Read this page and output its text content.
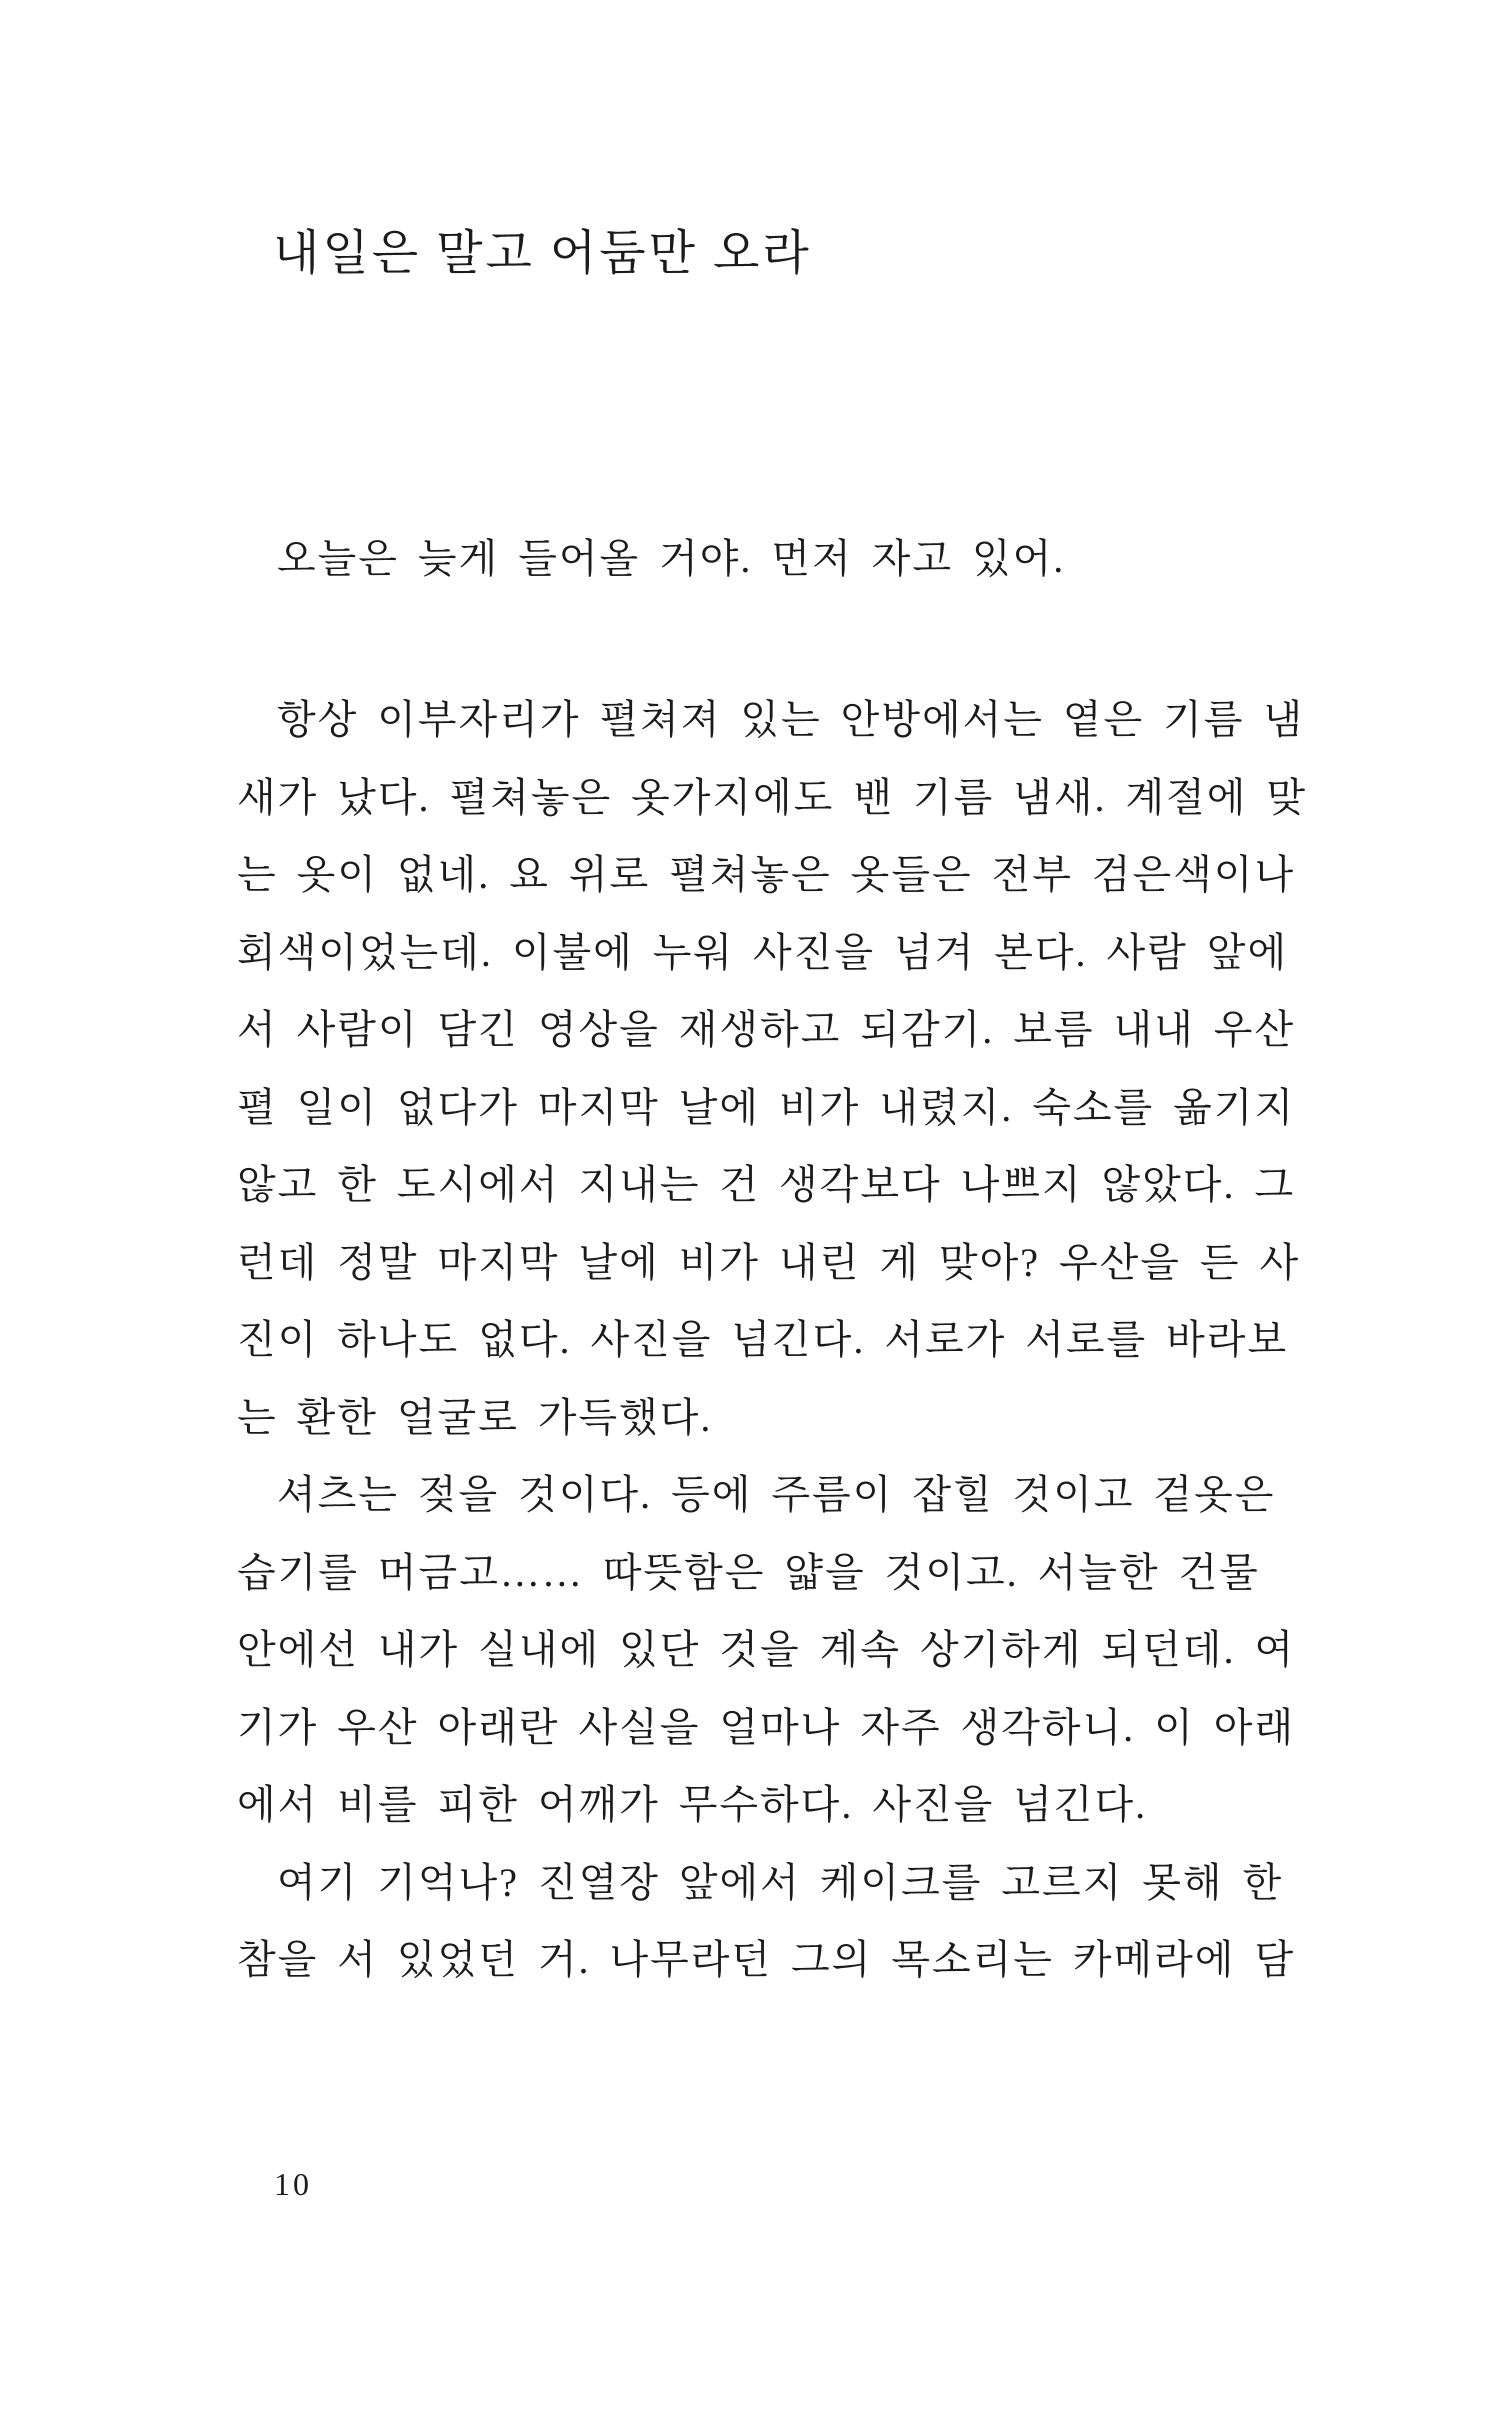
내일은 말고 어둠만 오라
오늘은 늦게 들어올 거야. 먼저 자고 있어.
항상 이부자리가 펼쳐져 있는 안방에서는 옅은 기름 냄
새가 났다. 펼쳐놓은 옷가지에도 밴 기름 냄새. 계절에 맞
는 옷이 없네. 요 위로 펼쳐놓은 옷들은 전부 검은색이나
회색이었는데. 이불에 누워 사진을 넘겨 본다. 사람 앞에
서 사람이 담긴 영상을 재생하고 되감기. 보름 내내 우산
펼 일이 없다가 마지막 날에 비가 내렸지. 숙소를 옮기지
않고 한 도시에서 지내는 건 생각보다 나쁘지 않았다. 그
런데 정말 마지막 날에 비가 내린 게 맞아? 우산을 든 사
진이 하나도 없다. 사진을 넘긴다. 서로가 서로를 바라보
는 환한 얼굴로 가득했다.
셔츠는 젖을 것이다. 등에 주름이 잡힐 것이고 겉옷은
습기를 머금고…… 따뜻함은 얇을 것이고. 서늘한 건물
안에선 내가 실내에 있단 것을 계속 상기하게 되던데. 여
기가 우산 아래란 사실을 얼마나 자주 생각하니. 이 아래
에서 비를 피한 어깨가 무수하다. 사진을 넘긴다.
여기 기억나? 진열장 앞에서 케이크를 고르지 못해 한
참을 서 있었던 거. 나무라던 그의 목소리는 카메라에 담
10
